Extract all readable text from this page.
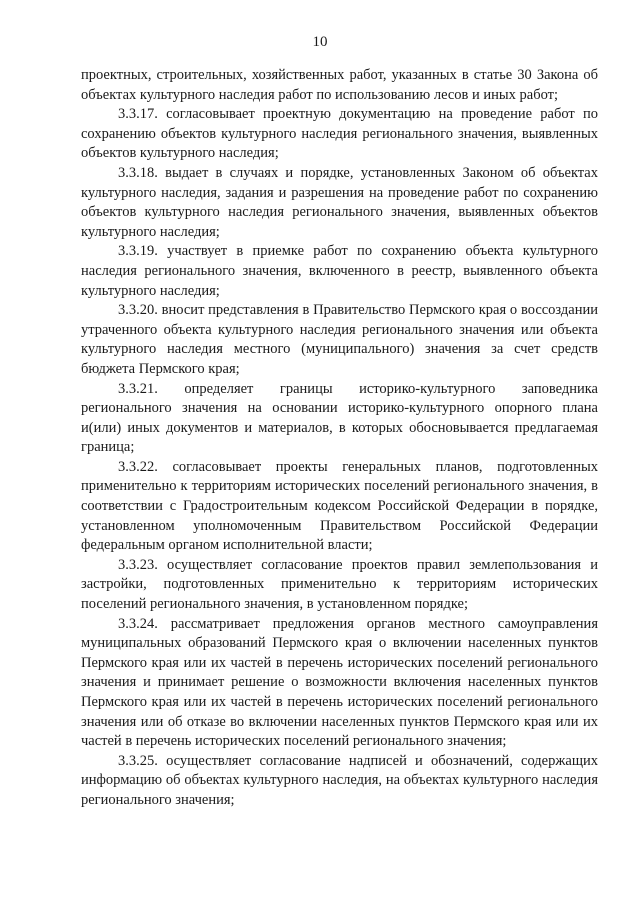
10

проектных, строительных, хозяйственных работ, указанных в статье 30 Закона об объектах культурного наследия работ по использованию лесов и иных работ;

3.3.17. согласовывает проектную документацию на проведение работ по сохранению объектов культурного наследия регионального значения, выявленных объектов культурного наследия;

3.3.18. выдает в случаях и порядке, установленных Законом об объектах культурного наследия, задания и разрешения на проведение работ по сохранению объектов культурного наследия регионального значения, выявленных объектов культурного наследия;

3.3.19. участвует в приемке работ по сохранению объекта культурного наследия регионального значения, включенного в реестр, выявленного объекта культурного наследия;

3.3.20. вносит представления в Правительство Пермского края о воссоздании утраченного объекта культурного наследия регионального значения или объекта культурного наследия местного (муниципального) значения за счет средств бюджета Пермского края;

3.3.21. определяет границы историко-культурного заповедника регионального значения на основании историко-культурного опорного плана и(или) иных документов и материалов, в которых обосновывается предлагаемая граница;

3.3.22. согласовывает проекты генеральных планов, подготовленных применительно к территориям исторических поселений регионального значения, в соответствии с Градостроительным кодексом Российской Федерации в порядке, установленном уполномоченным Правительством Российской Федерации федеральным органом исполнительной власти;

3.3.23. осуществляет согласование проектов правил землепользования и застройки, подготовленных применительно к территориям исторических поселений регионального значения, в установленном порядке;

3.3.24. рассматривает предложения органов местного самоуправления муниципальных образований Пермского края о включении населенных пунктов Пермского края или их частей в перечень исторических поселений регионального значения и принимает решение о возможности включения населенных пунктов Пермского края или их частей в перечень исторических поселений регионального значения или об отказе во включении населенных пунктов Пермского края или их частей в перечень исторических поселений регионального значения;

3.3.25. осуществляет согласование надписей и обозначений, содержащих информацию об объектах культурного наследия, на объектах культурного наследия регионального значения;
